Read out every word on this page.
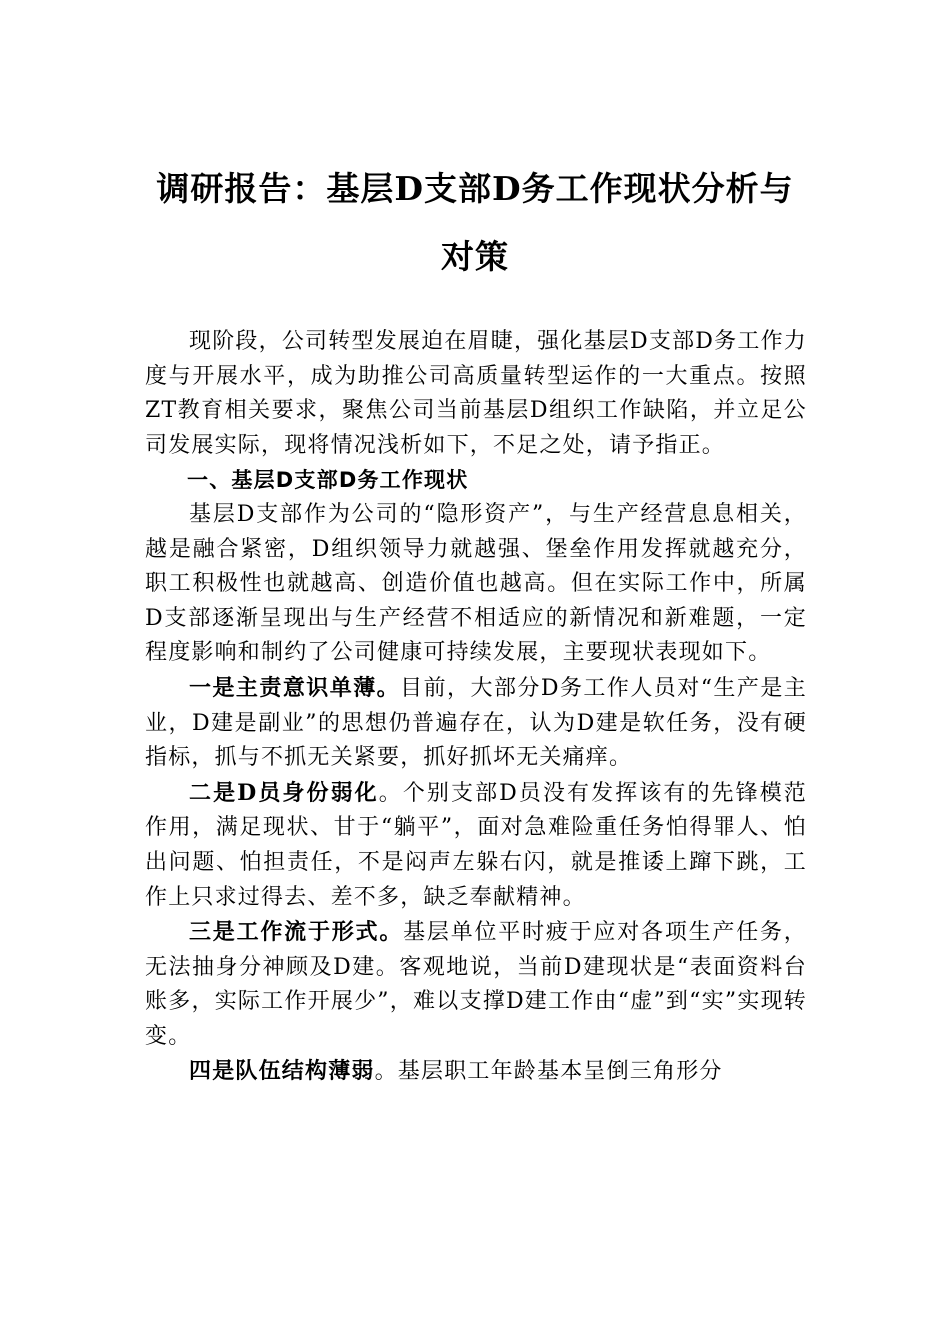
调研报告：基层D支部D务工作现状分析与对策

现阶段，公司转型发展迫在眉睫，强化基层D支部D务工作力度与开展水平，成为助推公司高质量转型运作的一大重点。按照ZT教育相关要求，聚焦公司当前基层D组织工作缺陷，并立足公司发展实际，现将情况浅析如下，不足之处，请予指正。

一、基层D支部D务工作现状

基层D支部作为公司的“隐形资产”，与生产经营息息相关，越是融合紧密，D组织领导力就越强、堡垒作用发挥就越充分，职工积极性也就越高、创造价值也越高。但在实际工作中，所属D支部逐渐呈现出与生产经营不相适应的新情况和新难题，一定程度影响和制约了公司健康可持续发展，主要现状表现如下。

一是主责意识单薄。目前，大部分D务工作人员对“生产是主业，D建是副业”的思想仍普遍存在，认为D建是软任务，没有硬指标，抓与不抓无关紧要，抓好抓坏无关痛痒。

二是D员身份弱化。个别支部D员没有发挥该有的先锋模范作用，满足现状、甘于“躺平”，面对急难险重任务怕得罪人、怕出问题、怕担责任，不是闷声左躲右闪，就是推诿上蹿下跳，工作上只求过得去、差不多，缺乏奉献精神。

三是工作流于形式。基层单位平时疲于应对各项生产任务，无法抽身分神顾及D建。客观地说，当前D建现状是“表面资料台账多，实际工作开展少”，难以支撑D建工作由“虚”到“实”实现转变。

四是队伍结构薄弱。基层职工年龄基本呈倒三角形分
